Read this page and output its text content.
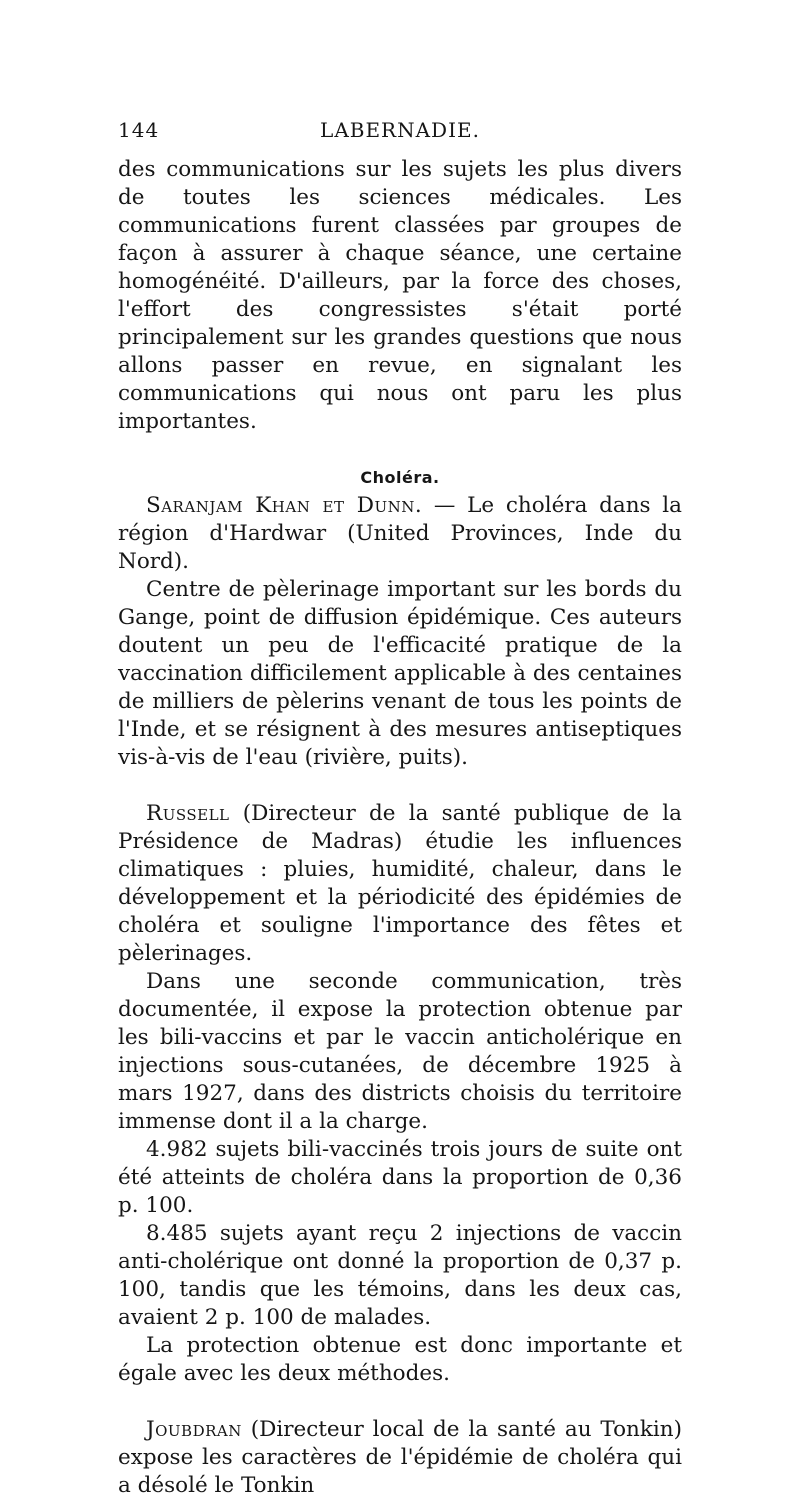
144	LABERNADIE.

des communications sur les sujets les plus divers de toutes les sciences médicales. Les communications furent classées par groupes de façon à assurer à chaque séance, une certaine homogénéité. D'ailleurs, par la force des choses, l'effort des congressistes s'était porté principalement sur les grandes questions que nous allons passer en revue, en signalant les communications qui nous ont paru les plus importantes.

Choléra.

Saranjam Khan et Dunn. — Le choléra dans la région d'Hardwar (United Provinces, Inde du Nord).

Centre de pèlerinage important sur les bords du Gange, point de diffusion épidémique. Ces auteurs doutent un peu de l'efficacité pratique de la vaccination difficilement applicable à des centaines de milliers de pèlerins venant de tous les points de l'Inde, et se résignent à des mesures antiseptiques vis-à-vis de l'eau (rivière, puits).

Russell (Directeur de la santé publique de la Présidence de Madras) étudie les influences climatiques : pluies, humidité, chaleur, dans le développement et la périodicité des épidémies de choléra et souligne l'importance des fêtes et pèlerinages.

Dans une seconde communication, très documentée, il expose la protection obtenue par les bili-vaccins et par le vaccin anticholérique en injections sous-cutanées, de décembre 1925 à mars 1927, dans des districts choisis du territoire immense dont il a la charge.

4.982 sujets bili-vaccinés trois jours de suite ont été atteints de choléra dans la proportion de 0,36 p. 100.

8.485 sujets ayant reçu 2 injections de vaccin anti-cholérique ont donné la proportion de 0,37 p. 100, tandis que les témoins, dans les deux cas, avaient 2 p. 100 de malades.

La protection obtenue est donc importante et égale avec les deux méthodes.

Joubdran (Directeur local de la santé au Tonkin) expose les caractères de l'épidémie de choléra qui a désolé le Tonkin
